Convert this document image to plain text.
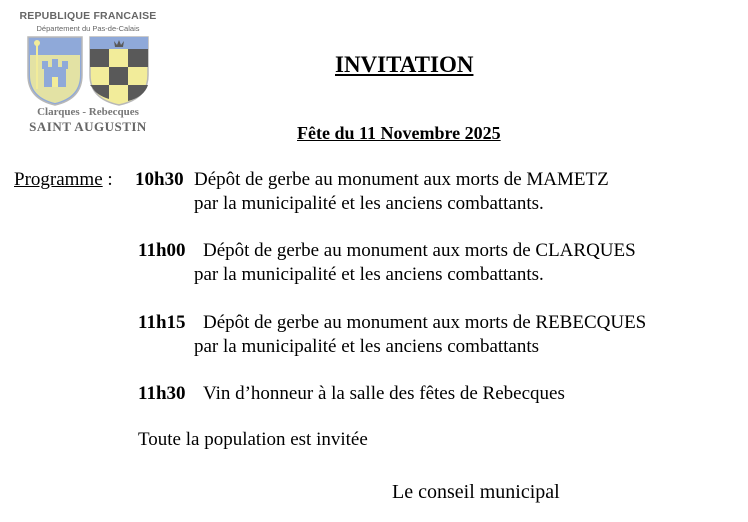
REPUBLIQUE FRANCAISE
Département du Pas-de-Calais
Clarques - Rebecques
SAINT AUGUSTIN
INVITATION
Fête du 11 Novembre 2025
Programme : 10h30 Dépôt de gerbe au monument aux morts de MAMETZ
par la municipalité et les anciens combattants.
11h00 Dépôt de gerbe au monument aux morts de CLARQUES
par la municipalité et les anciens combattants.
11h15 Dépôt de gerbe au monument aux morts de REBECQUES
par la municipalité et les anciens combattants
11h30 Vin d’honneur à la salle des fêtes de Rebecques
Toute la population est invitée
Le conseil municipal
